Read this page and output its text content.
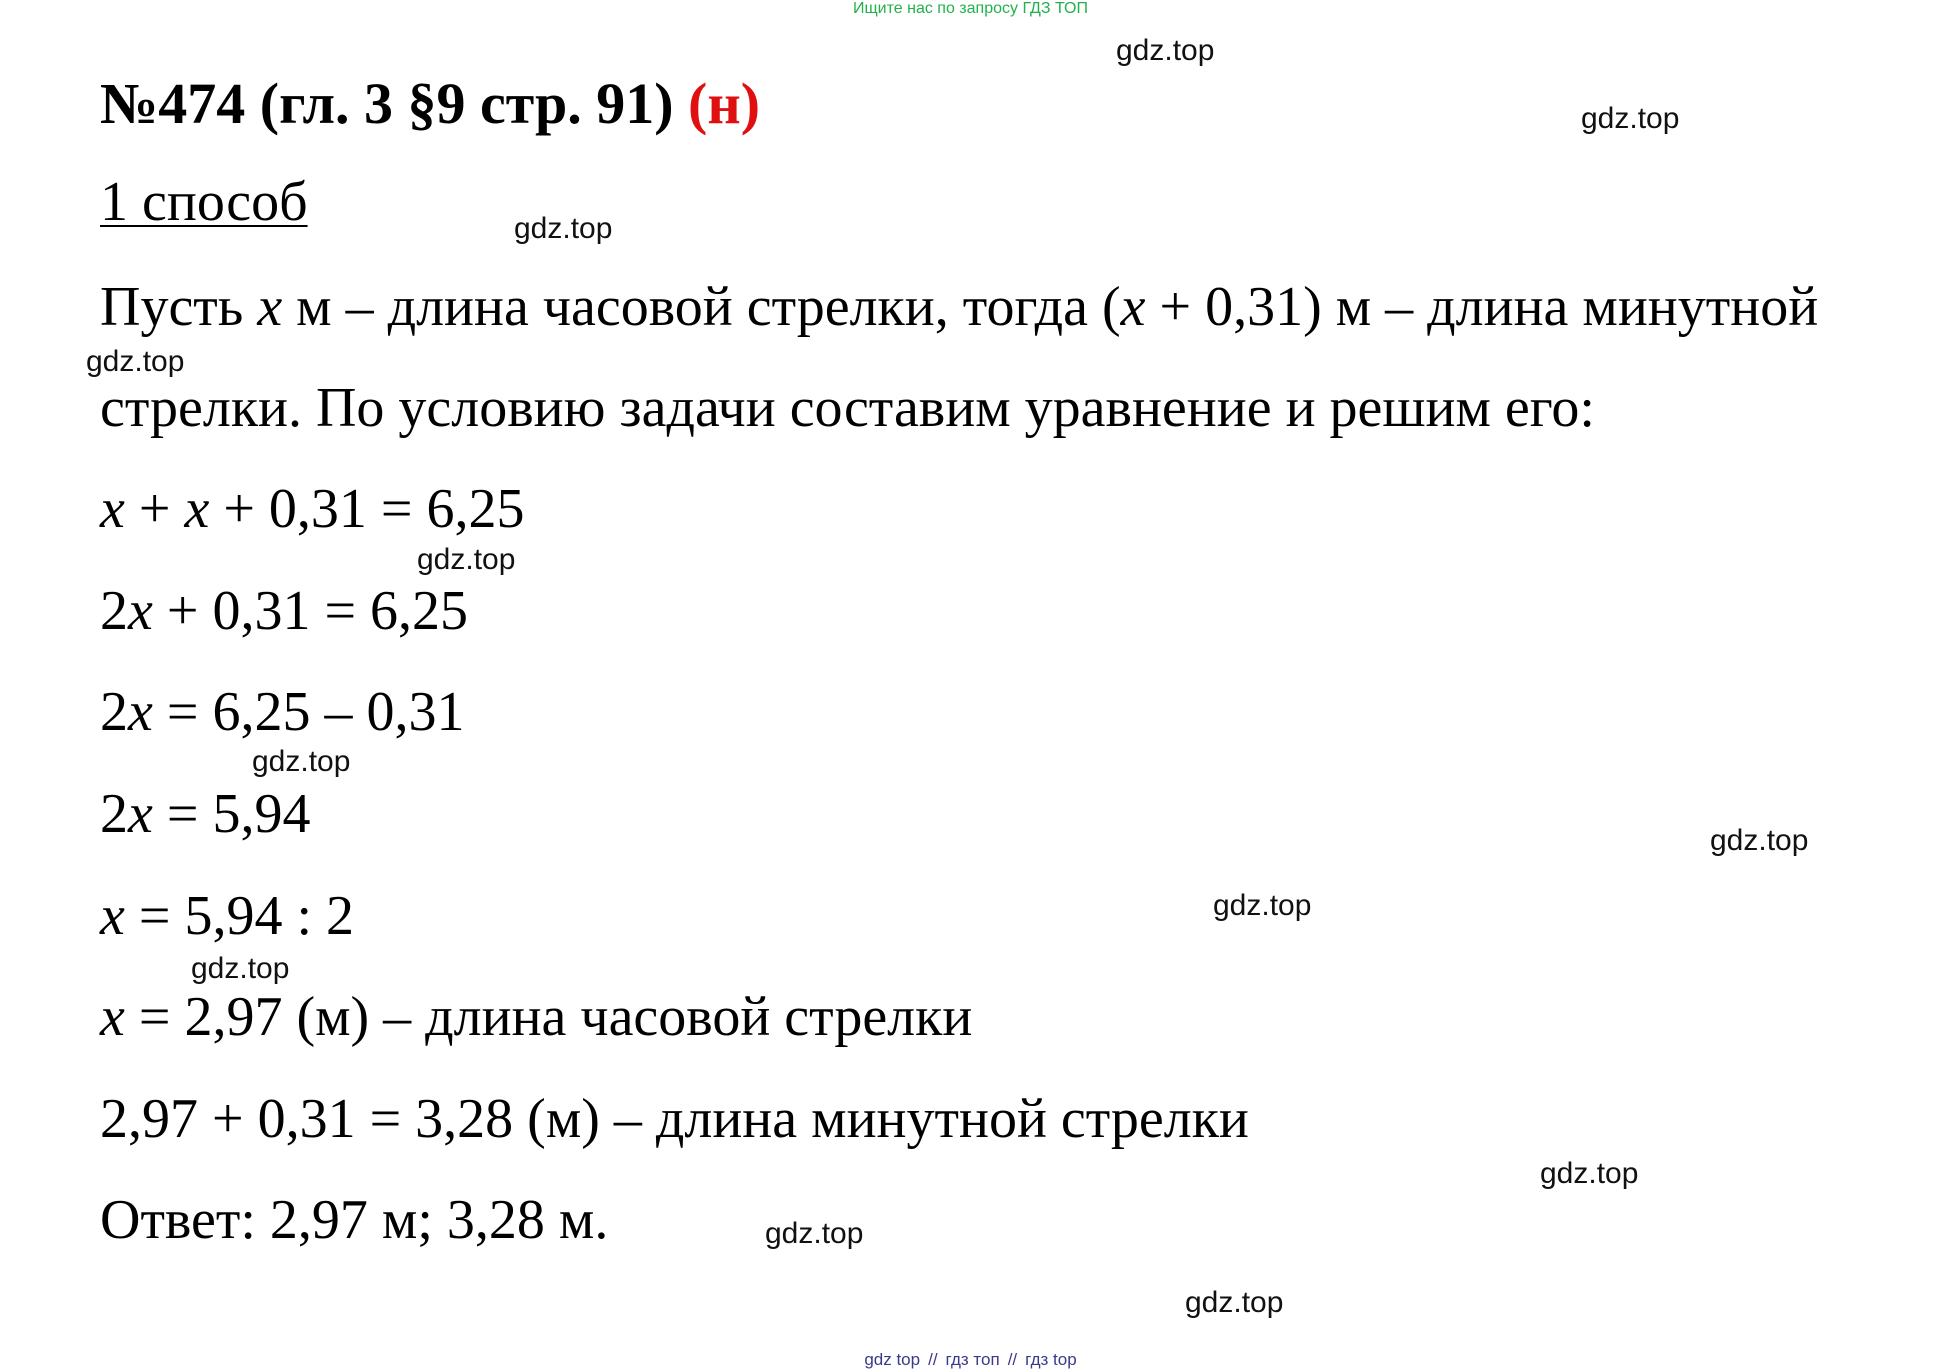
Ищите нас по запросу ГДЗ ТОП
№474 (гл. 3 §9 стр. 91) (н)
1 способ
Пусть x м – длина часовой стрелки, тогда (x + 0,31) м – длина минутной
стрелки. По условию задачи составим уравнение и решим его:
x + x + 0,31 = 6,25
2x + 0,31 = 6,25
2x = 6,25 – 0,31
2x = 5,94
x = 5,94 : 2
x = 2,97 (м) – длина часовой стрелки
2,97 + 0,31 = 3,28 (м) – длина минутной стрелки
Ответ: 2,97 м; 3,28 м.
gdz.top
gdz.top
gdz.top
gdz.top
gdz.top
gdz.top
gdz.top
gdz.top
gdz.top
gdz.top
gdz.top
gdz.top
gdz top // гдз топ // гдз top
